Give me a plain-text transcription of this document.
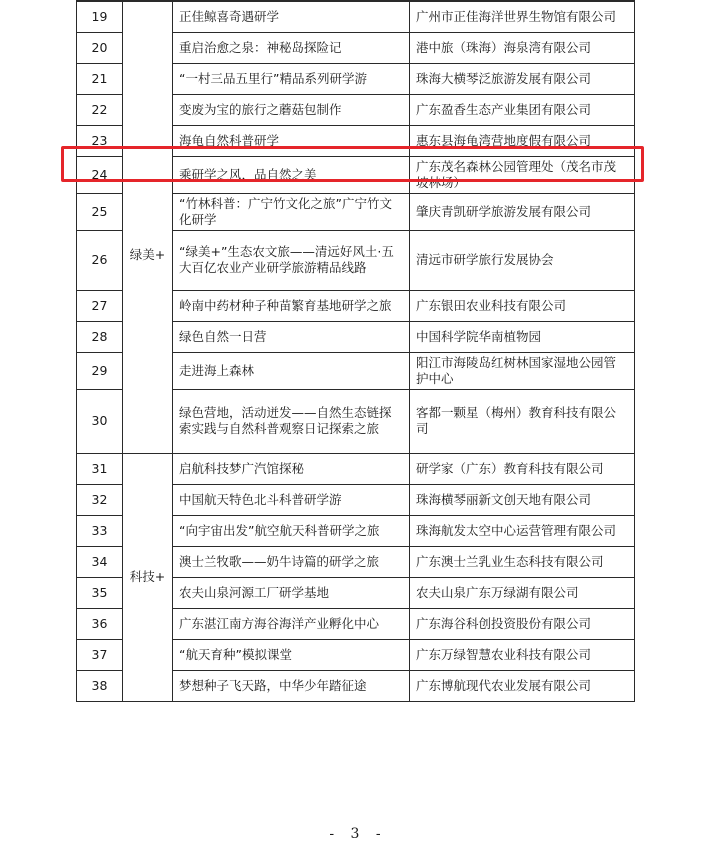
19	绿美+	正佳鲸喜奇遇研学	广州市正佳海洋世界生物馆有限公司
20		重启治愈之泉：神秘岛探险记	港中旅（珠海）海泉湾有限公司
21		“一村三品五里行”精品系列研学游	珠海大横琴泛旅游发展有限公司
22		变废为宝的旅行之蘑菇包制作	广东盈香生态产业集团有限公司
23		海龟自然科普研学	惠东县海龟湾营地度假有限公司
24		乘研学之风，品自然之美	广东茂名森林公园管理处（茂名市茂坡林场）
25		“竹林科普：广宁竹文化之旅”广宁竹文化研学	肇庆青凯研学旅游发展有限公司
26		“绿美+”生态农文旅——清远好风土·五大百亿农业产业研学旅游精品线路	清远市研学旅行发展协会
27		岭南中药材种子种苗繁育基地研学之旅	广东银田农业科技有限公司
28		绿色自然一日营	中国科学院华南植物园
29		走进海上森林	阳江市海陵岛红树林国家湿地公园管护中心
30		绿色营地，活动迸发——自然生态链探索实践与自然科普观察日记探索之旅	客都一颗星（梅州）教育科技有限公司
31	科技+	启航科技梦广汽馆探秘	研学家（广东）教育科技有限公司
32		中国航天特色北斗科普研学游	珠海横琴丽新文创天地有限公司
33		“向宇宙出发”航空航天科普研学之旅	珠海航发太空中心运营管理有限公司
34		澳士兰牧歌——奶牛诗篇的研学之旅	广东澳士兰乳业生态科技有限公司
35		农夫山泉河源工厂研学基地	农夫山泉广东万绿湖有限公司
36		广东湛江南方海谷海洋产业孵化中心	广东海谷科创投资股份有限公司
37		“航天育种”模拟课堂	广东万绿智慧农业科技有限公司
38		梦想种子飞天路，中华少年踏征途	广东博航现代农业发展有限公司
- 3 -
